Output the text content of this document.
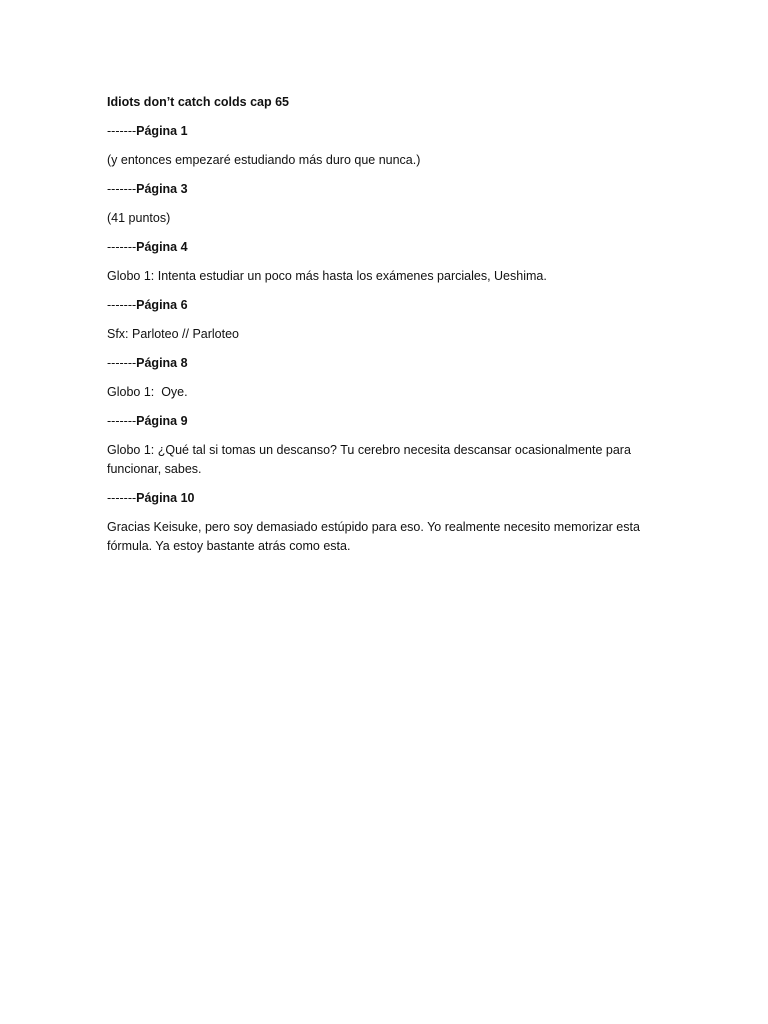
Idiots don’t catch colds cap 65

-------Página 1

(y entonces empezaré estudiando más duro que nunca.)

-------Página 3

(41 puntos)

-------Página 4

Globo 1: Intenta estudiar un poco más hasta los exámenes parciales, Ueshima.

-------Página 6

Sfx: Parloteo // Parloteo

-------Página 8

Globo 1:  Oye.

-------Página 9

Globo 1: ¿Qué tal si tomas un descanso? Tu cerebro necesita descansar ocasionalmente para funcionar, sabes.

-------Página 10

Gracias Keisuke, pero soy demasiado estúpido para eso. Yo realmente necesito memorizar esta fórmula. Ya estoy bastante atrás como esta.
